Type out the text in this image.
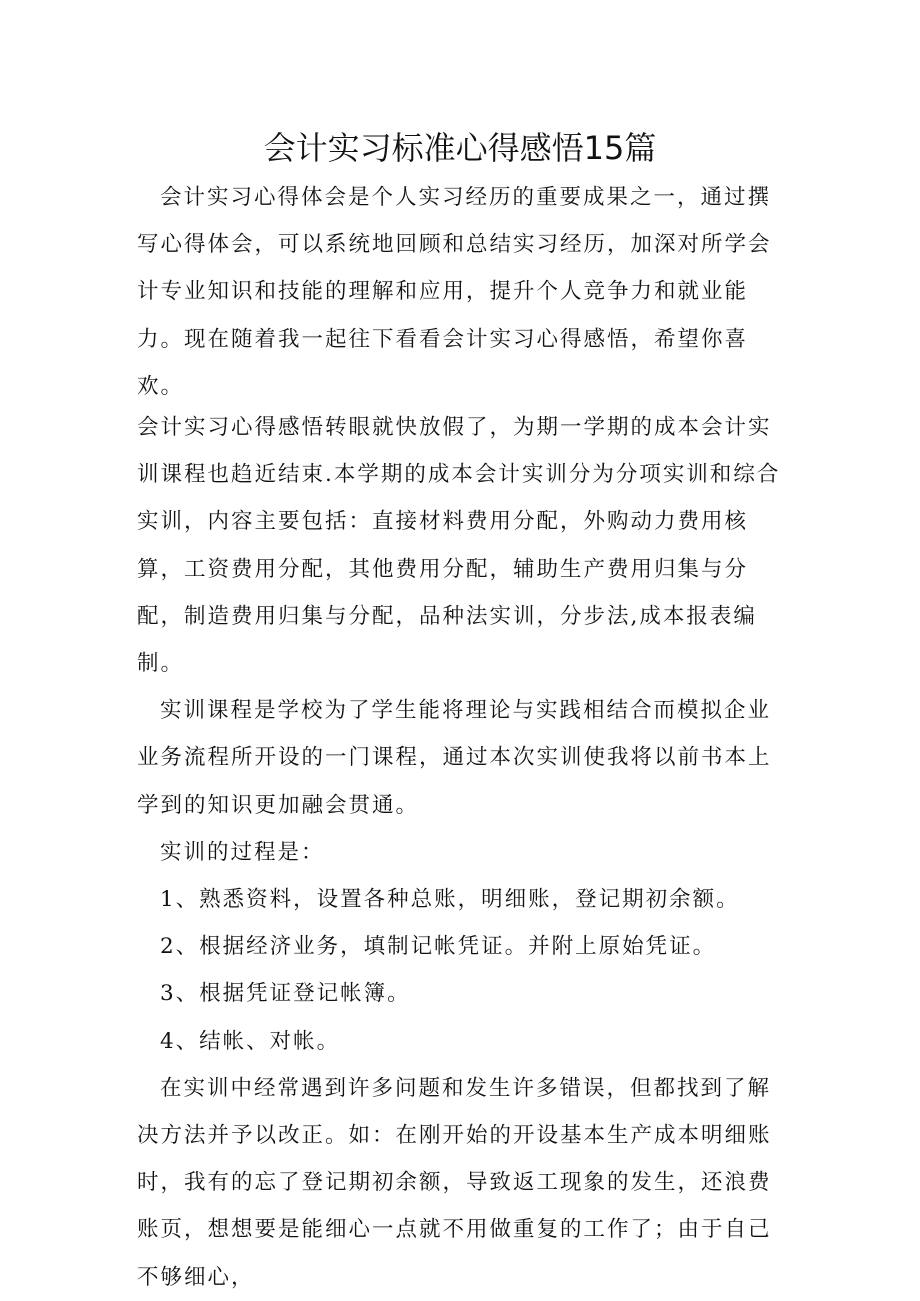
会计实习标准心得感悟15篇

会计实习心得体会是个人实习经历的重要成果之一，通过撰写心得体会，可以系统地回顾和总结实习经历，加深对所学会计专业知识和技能的理解和应用，提升个人竞争力和就业能力。现在随着我一起往下看看会计实习心得感悟，希望你喜欢。

会计实习心得感悟转眼就快放假了，为期一学期的成本会计实训课程也趋近结束.本学期的成本会计实训分为分项实训和综合实训，内容主要包括：直接材料费用分配，外购动力费用核算，工资费用分配，其他费用分配，辅助生产费用归集与分配，制造费用归集与分配，品种法实训，分步法,成本报表编制。

实训课程是学校为了学生能将理论与实践相结合而模拟企业业务流程所开设的一门课程，通过本次实训使我将以前书本上学到的知识更加融会贯通。

实训的过程是：

1、熟悉资料，设置各种总账，明细账，登记期初余额。

2、根据经济业务，填制记帐凭证。并附上原始凭证。

3、根据凭证登记帐簿。

4、结帐、对帐。

在实训中经常遇到许多问题和发生许多错误，但都找到了解决方法并予以改正。如：在刚开始的开设基本生产成本明细账时，我有的忘了登记期初余额，导致返工现象的发生，还浪费账页，想想要是能细心一点就不用做重复的工作了；由于自己不够细心，
